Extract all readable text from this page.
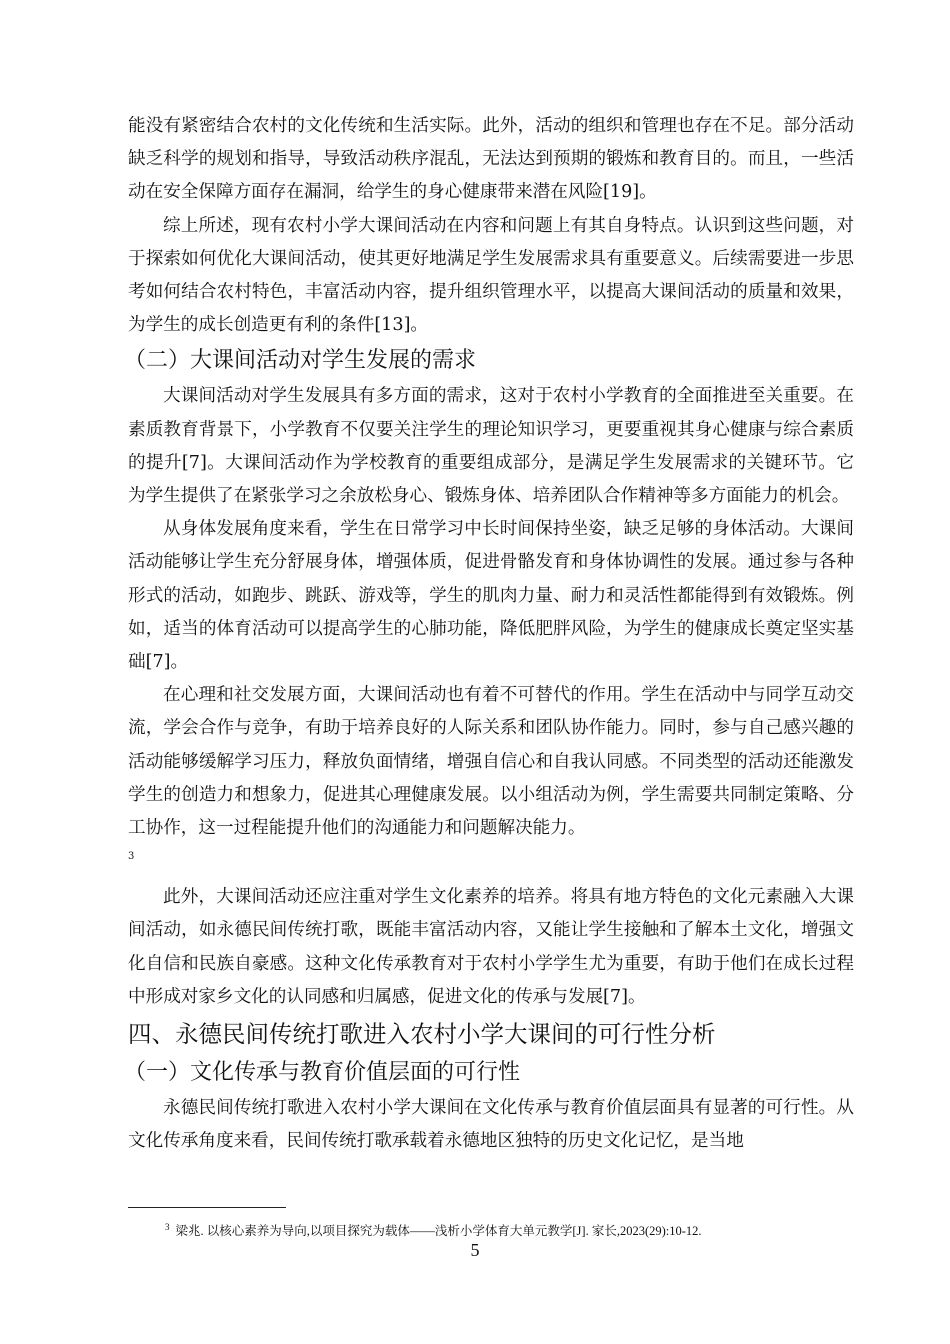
能没有紧密结合农村的文化传统和生活实际。此外，活动的组织和管理也存在不足。部分活动缺乏科学的规划和指导，导致活动秩序混乱，无法达到预期的锻炼和教育目的。而且，一些活动在安全保障方面存在漏洞，给学生的身心健康带来潜在风险[19]。

综上所述，现有农村小学大课间活动在内容和问题上有其自身特点。认识到这些问题，对于探索如何优化大课间活动，使其更好地满足学生发展需求具有重要意义。后续需要进一步思考如何结合农村特色，丰富活动内容，提升组织管理水平，以提高大课间活动的质量和效果，为学生的成长创造更有利的条件[13]。

（二）大课间活动对学生发展的需求

大课间活动对学生发展具有多方面的需求，这对于农村小学教育的全面推进至关重要。在素质教育背景下，小学教育不仅要关注学生的理论知识学习，更要重视其身心健康与综合素质的提升[7]。大课间活动作为学校教育的重要组成部分，是满足学生发展需求的关键环节。它为学生提供了在紧张学习之余放松身心、锻炼身体、培养团队合作精神等多方面能力的机会。

从身体发展角度来看，学生在日常学习中长时间保持坐姿，缺乏足够的身体活动。大课间活动能够让学生充分舒展身体，增强体质，促进骨骼发育和身体协调性的发展。通过参与各种形式的活动，如跑步、跳跃、游戏等，学生的肌肉力量、耐力和灵活性都能得到有效锻炼。例如，适当的体育活动可以提高学生的心肺功能，降低肥胖风险，为学生的健康成长奠定坚实基础[7]。

在心理和社交发展方面，大课间活动也有着不可替代的作用。学生在活动中与同学互动交流，学会合作与竞争，有助于培养良好的人际关系和团队协作能力。同时，参与自己感兴趣的活动能够缓解学习压力，释放负面情绪，增强自信心和自我认同感。不同类型的活动还能激发学生的创造力和想象力，促进其心理健康发展。以小组活动为例，学生需要共同制定策略、分工协作，这一过程能提升他们的沟通能力和问题解决能力。

3

此外，大课间活动还应注重对学生文化素养的培养。将具有地方特色的文化元素融入大课间活动，如永德民间传统打歌，既能丰富活动内容，又能让学生接触和了解本土文化，增强文化自信和民族自豪感。这种文化传承教育对于农村小学学生尤为重要，有助于他们在成长过程中形成对家乡文化的认同感和归属感，促进文化的传承与发展[7]。

四、永德民间传统打歌进入农村小学大课间的可行性分析
（一）文化传承与教育价值层面的可行性

永德民间传统打歌进入农村小学大课间在文化传承与教育价值层面具有显著的可行性。从文化传承角度来看，民间传统打歌承载着永德地区独特的历史文化记忆，是当地

$^3$ 梁兆. 以核心素养为导向,以项目探究为载体——浅析小学体育大单元教学[J]. 家长,2023(29):10-12.
5
